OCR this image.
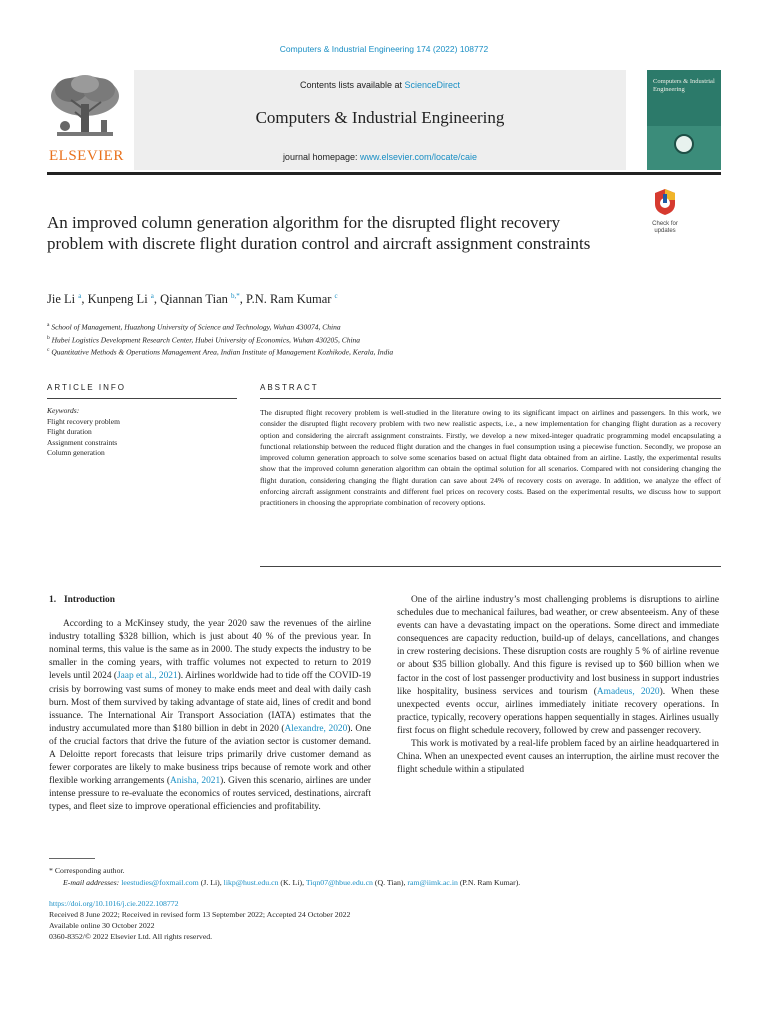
Computers & Industrial Engineering 174 (2022) 108772
ELSEVIER
Contents lists available at ScienceDirect
Computers & Industrial Engineering
journal homepage: www.elsevier.com/locate/caie
Computers & Industrial Engineering
An improved column generation algorithm for the disrupted flight recovery problem with discrete flight duration control and aircraft assignment constraints
Check for updates
Jie Li $^a$, Kunpeng Li $^a$, Qiannan Tian $^{b,*}$, P.N. Ram Kumar $^c$
$^a$ School of Management, Huazhong University of Science and Technology, Wuhan 430074, China
$^b$ Hubei Logistics Development Research Center, Hubei University of Economics, Wuhan 430205, China
$^c$ Quantitative Methods & Operations Management Area, Indian Institute of Management Kozhikode, Kerala, India
ARTICLE INFO	ABSTRACT
Keywords:
Flight recovery problem
Flight duration
Assignment constraints
Column generation
The disrupted flight recovery problem is well-studied in the literature owing to its significant impact on airlines and passengers. In this work, we consider the disrupted flight recovery problem with two new realistic aspects, i.e., a new implementation for changing flight duration as a recovery option and considering the aircraft assignment constraints. Firstly, we develop a new mixed-integer quadratic programming model encapsulating a functional relationship between the reduced flight duration and the changes in fuel consumption using a piecewise function. Secondly, we propose an improved column generation approach to solve some scenarios based on actual flight data obtained from an airline. Lastly, the experimental results show that the improved column generation algorithm can obtain the optimal solution for all scenarios. Compared with not considering changing the flight duration, considering changing the flight duration can save about 24% of recovery costs on average. In addition, we analyze the effect of enforcing aircraft assignment constraints and different fuel prices on recovery costs. Based on the experimental results, we discuss how to support practitioners in choosing the appropriate combination of recovery options.
1. Introduction

According to a McKinsey study, the year 2020 saw the revenues of the airline industry totalling $328 billion, which is just about 40 % of the previous year. In nominal terms, this value is the same as in 2000. The study expects the industry to be smaller in the coming years, with traffic volumes not expected to return to 2019 levels until 2024 (Jaap et al., 2021). Airlines worldwide had to tide off the COVID-19 crisis by borrowing vast sums of money to make ends meet and deal with daily cash burn. Most of them survived by taking advantage of state aid, lines of credit and bond issuance. The International Air Transport Association (IATA) estimates that the industry accumulated more than $180 billion in debt in 2020 (Alexandre, 2020). One of the crucial factors that drive the future of the aviation sector is customer demand. A Deloitte report forecasts that leisure trips primarily drive customer demand as fewer corporates are likely to make business trips because of remote work and other flexible working arrangements (Anisha, 2021). Given this scenario, airlines are under intense pressure to re-evaluate the economics of routes serviced, destinations, aircraft types, and fleet size to improve operational efficiencies and profitability.

One of the airline industry’s most challenging problems is disruptions to airline schedules due to mechanical failures, bad weather, or crew absenteeism. Any of these events can have a devastating impact on the operations. Some direct and immediate consequences are capacity reduction, build-up of delays, cancellations, and changes in crew rostering decisions. These disruption costs are roughly 5 % of airline revenue or about $35 billion globally. And this figure is revised up to $60 billion when we factor in the cost of lost passenger productivity and lost business in support industries like hospitality, business services and tourism (Amadeus, 2020). When these unexpected events occur, airlines immediately initiate recovery operations. In practice, typically, recovery operations happen sequentially in stages. Airlines usually first focus on flight schedule recovery, followed by crew and passenger recovery.

This work is motivated by a real-life problem faced by an airline headquartered in China. When an unexpected event causes an interruption, the airline must recover the flight schedule within a stipulated

* Corresponding author.
E-mail addresses: leestudies@foxmail.com (J. Li), likp@hust.edu.cn (K. Li), Tiqn07@hbue.edu.cn (Q. Tian), ram@iimk.ac.in (P.N. Ram Kumar).
https://doi.org/10.1016/j.cie.2022.108772
Received 8 June 2022; Received in revised form 13 September 2022; Accepted 24 October 2022
Available online 30 October 2022
0360-8352/© 2022 Elsevier Ltd. All rights reserved.
